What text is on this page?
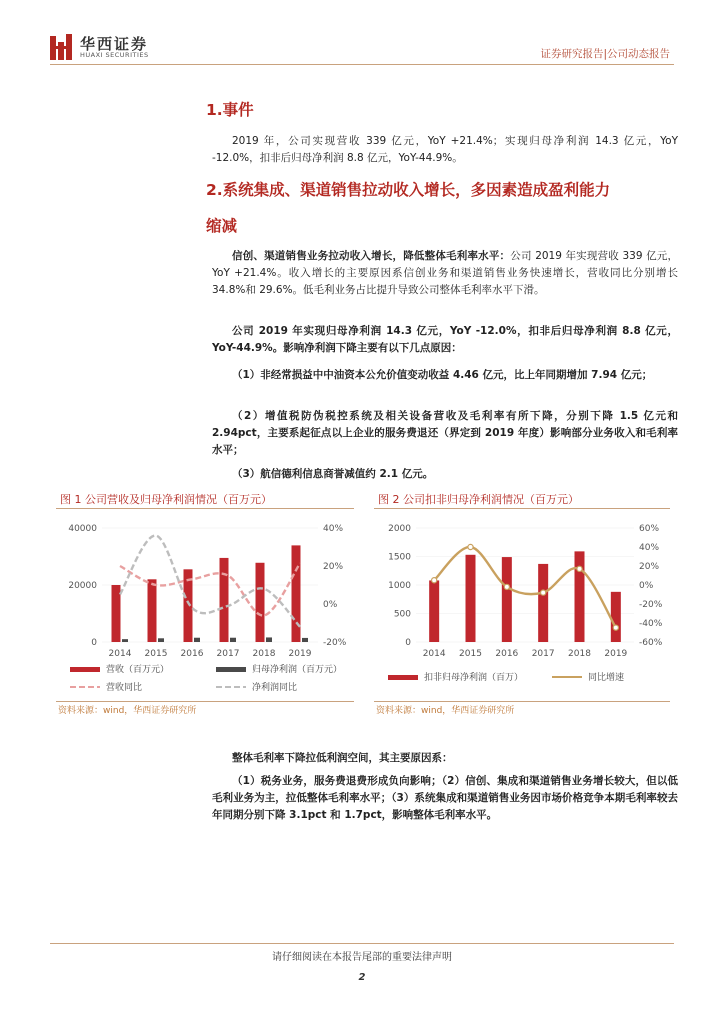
华西证券
HUAXI SECURITIES	证券研究报告|公司动态报告
1.事件
2019 年，公司实现营收 339 亿元，YoY +21.4%；实现归母净利润 14.3 亿元，YoY -12.0%，扣非后归母净利润 8.8 亿元，YoY-44.9%。
2.系统集成、渠道销售拉动收入增长，多因素造成盈利能力
缩减
信创、渠道销售业务拉动收入增长，降低整体毛利率水平：公司 2019 年实现营收 339 亿元，YoY +21.4%。收入增长的主要原因系信创业务和渠道销售业务快速增长，营收同比分别增长 34.8%和 29.6%。低毛利业务占比提升导致公司整体毛利率水平下滑。
公司 2019 年实现归母净利润 14.3 亿元，YoY -12.0%，扣非后归母净利润 8.8 亿元，YoY-44.9%。影响净利润下降主要有以下几点原因：
（1）非经常损益中中油资本公允价值变动收益 4.46 亿元，比上年同期增加 7.94 亿元；
（2）增值税防伪税控系统及相关设备营收及毛利率有所下降，分别下降 1.5 亿元和 2.94pct，主要系起征点以上企业的服务费退还（界定到 2019 年度）影响部分业务收入和毛利率水平；
（3）航信德利信息商誉减值约 2.1 亿元。
图 1 公司营收及归母净利润情况（百万元）
0
20000
40000
-20%
0%
20%
40%
2014 2015 2016 2017 2018 2019
营收（百万元）	归母净利润（百万元）
营收同比	净利润同比
资料来源：wind，华西证券研究所
图 2 公司扣非归母净利润情况（百万元）
0
500
1000
1500
2000
-60%
-40%
-20%
0%
20%
40%
60%
2014 2015 2016 2017 2018 2019
扣非归母净利润（百万）	同比增速
资料来源：wind，华西证券研究所
整体毛利率下降拉低利润空间，其主要原因系：
（1）税务业务，服务费退费形成负向影响；（2）信创、集成和渠道销售业务增长较大，但以低毛利业务为主，拉低整体毛利率水平；（3）系统集成和渠道销售业务因市场价格竞争本期毛利率较去年同期分别下降 3.1pct 和 1.7pct，影响整体毛利率水平。
请仔细阅读在本报告尾部的重要法律声明
2
